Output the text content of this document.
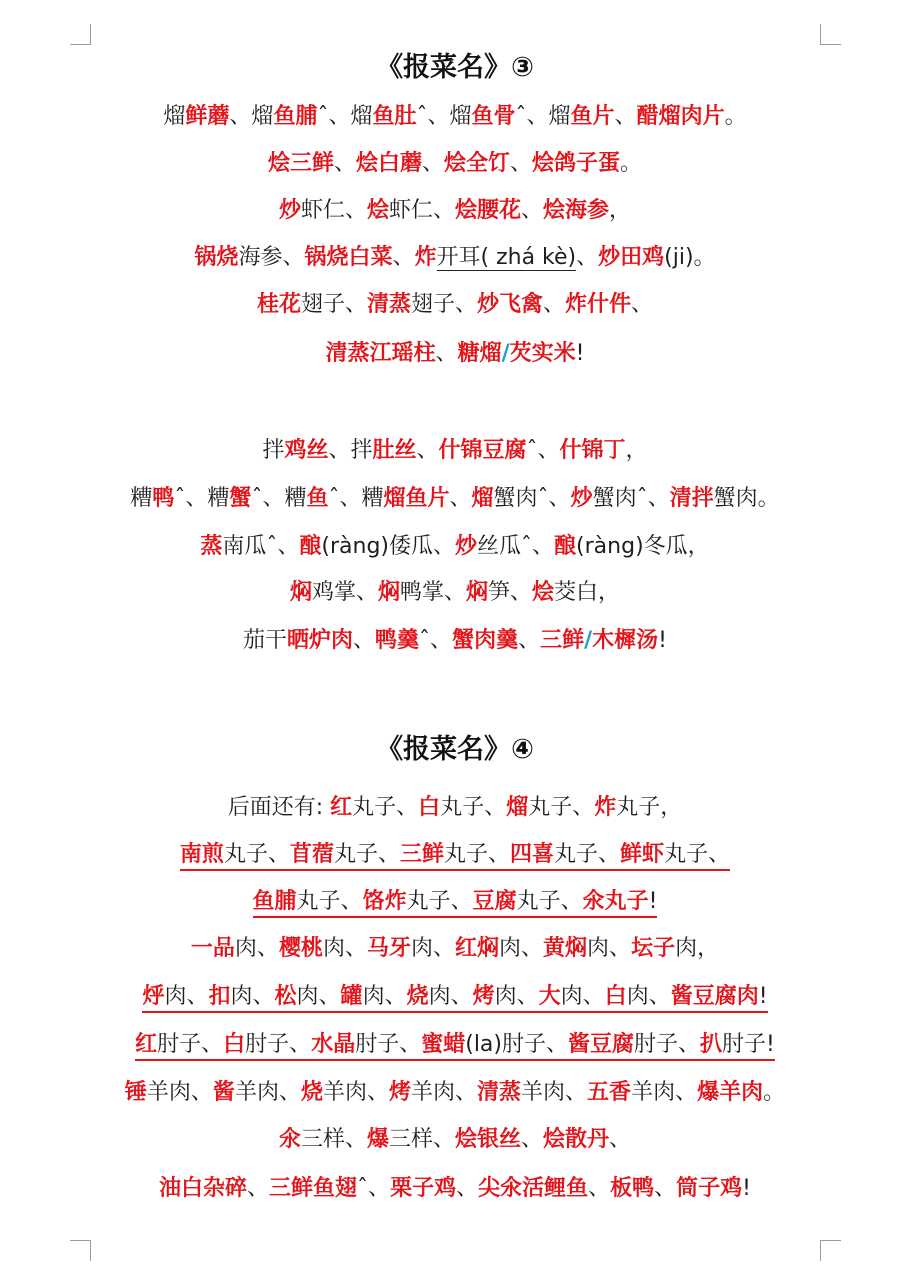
《报菜名》③
熘鲜蘑、熘鱼脯ˆ、熘鱼肚ˆ、熘鱼骨ˆ、熘鱼片、醋熘肉片。
烩三鲜、烩白蘑、烩全饤、烩鸽子蛋。
炒虾仁、烩虾仁、烩腰花、烩海参，
锅烧海参、锅烧白菜、炸开耳( zhá kè)、炒田鸡(ji)。
桂花翅子、清蒸翅子、炒飞禽、炸什件、
清蒸江瑶柱、糖熘/芡实米!
拌鸡丝、拌肚丝、什锦豆腐ˆ、什锦丁，
糟鸭ˆ、糟蟹ˆ、糟鱼ˆ、糟熘鱼片、熘蟹肉ˆ、炒蟹肉ˆ、清拌蟹肉。
蒸南瓜ˆ、酿(ràng)倭瓜、炒丝瓜ˆ、酿(ràng)冬瓜，
焖鸡掌、焖鸭掌、焖笋、烩茭白，
茄干晒炉肉、鸭羹ˆ、蟹肉羹、三鲜/木樨汤!
《报菜名》④
后面还有: 红丸子、白丸子、熘丸子、炸丸子，
南煎丸子、苜蓿丸子、三鲜丸子、四喜丸子、鲜虾丸子、
鱼脯丸子、饹炸丸子、豆腐丸子、氽丸子!
一品肉、樱桃肉、马牙肉、红焖肉、黄焖肉、坛子肉，
烀肉、扣肉、松肉、罐肉、烧肉、烤肉、大肉、白肉、酱豆腐肉!
红肘子、白肘子、水晶肘子、蜜蜡(la)肘子、酱豆腐肘子、扒肘子!
锤羊肉、酱羊肉、烧羊肉、烤羊肉、清蒸羊肉、五香羊肉、爆羊肉。
氽三样、爆三样、烩银丝、烩散丹、
油白杂碎、三鲜鱼翅ˆ、栗子鸡、尖氽活鲤鱼、板鸭、筒子鸡!
